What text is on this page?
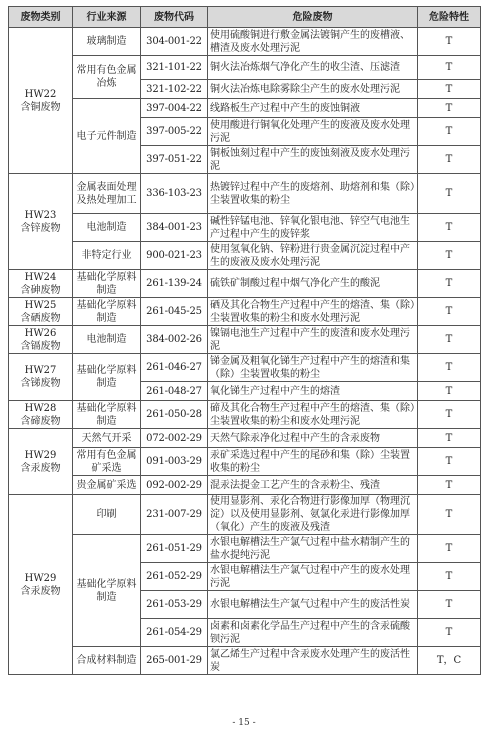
废物类别	行业来源	废物代码	危险废物	危险特性
HW22
含铜废物	玻璃制造	304-001-22	使用硫酸铜进行敷金属法镀铜产生的废槽液、槽渣及废水处理污泥	T
	常用有色金属冶炼	321-101-22	铜火法冶炼烟气净化产生的收尘渣、压滤渣	T
		321-102-22	铜火法冶炼电除雾除尘产生的废水处理污泥	T
	电子元件制造	397-004-22	线路板生产过程中产生的废蚀铜液	T
		397-005-22	使用酸进行铜氧化处理产生的废液及废水处理污泥	T
		397-051-22	铜板蚀刻过程中产生的废蚀刻液及废水处理污泥	T
HW23
含锌废物	金属表面处理及热处理加工	336-103-23	热镀锌过程中产生的废熔剂、助熔剂和集（除）尘装置收集的粉尘	T
	电池制造	384-001-23	碱性锌锰电池、锌氧化银电池、锌空气电池生产过程中产生的废锌浆	T
	非特定行业	900-021-23	使用氢氧化钠、锌粉进行贵金属沉淀过程中产生的废液及废水处理污泥	T
HW24
含砷废物	基础化学原料制造	261-139-24	硫铁矿制酸过程中烟气净化产生的酸泥	T
HW25
含硒废物	基础化学原料制造	261-045-25	硒及其化合物生产过程中产生的熔渣、集（除）尘装置收集的粉尘和废水处理污泥	T
HW26
含镉废物	电池制造	384-002-26	镍镉电池生产过程中产生的废渣和废水处理污泥	T
HW27
含锑废物	基础化学原料制造	261-046-27	锑金属及粗氧化锑生产过程中产生的熔渣和集（除）尘装置收集的粉尘	T
		261-048-27	氧化锑生产过程中产生的熔渣	T
HW28
含碲废物	基础化学原料制造	261-050-28	碲及其化合物生产过程中产生的熔渣、集（除）尘装置收集的粉尘和废水处理污泥	T
HW29
含汞废物	天然气开采	072-002-29	天然气除汞净化过程中产生的含汞废物	T
	常用有色金属矿采选	091-003-29	汞矿采选过程中产生的尾砂和集（除）尘装置收集的粉尘	T
	贵金属矿采选	092-002-29	混汞法提金工艺产生的含汞粉尘、残渣	T
HW29
含汞废物	印刷	231-007-29	使用显影剂、汞化合物进行影像加厚（物理沉淀）以及使用显影剂、氨氯化汞进行影像加厚（氧化）产生的废液及残渣	T
	基础化学原料制造	261-051-29	水银电解槽法生产氯气过程中盐水精制产生的盐水提纯污泥	T
		261-052-29	水银电解槽法生产氯气过程中产生的废水处理污泥	T
		261-053-29	水银电解槽法生产氯气过程中产生的废活性炭	T
		261-054-29	卤素和卤素化学品生产过程中产生的含汞硫酸钡污泥	T
	合成材料制造	265-001-29	氯乙烯生产过程中含汞废水处理产生的废活性炭	T，C
- 15 -
